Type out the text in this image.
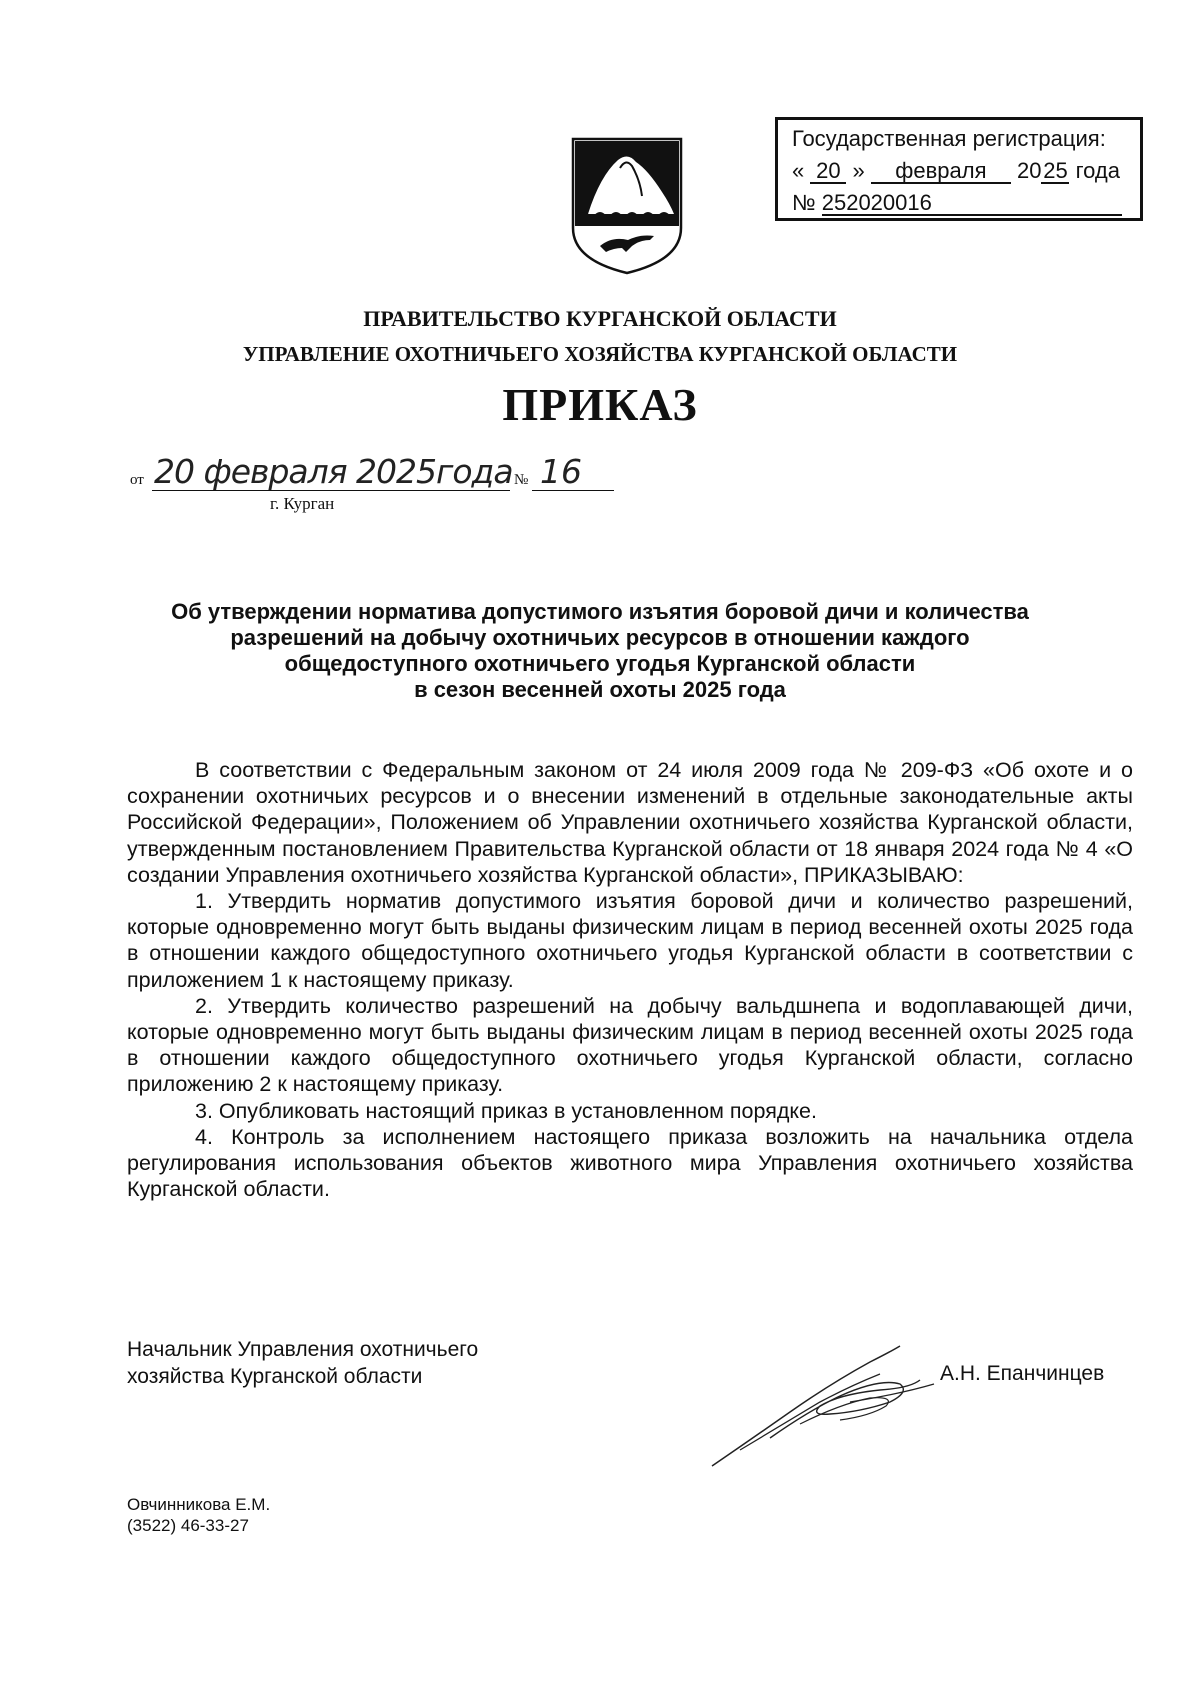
Государственная регистрация:
« 20 » февраля 2025 года
№ 252020016
ПРАВИТЕЛЬСТВО КУРГАНСКОЙ ОБЛАСТИ
УПРАВЛЕНИЕ ОХОТНИЧЬЕГО ХОЗЯЙСТВА КУРГАНСКОЙ ОБЛАСТИ
ПРИКАЗ
от 20 февраля 2025года № 16
г. Курган
Об утверждении норматива допустимого изъятия боровой дичи и количества
разрешений на добычу охотничьих ресурсов в отношении каждого
общедоступного охотничьего угодья Курганской области
в сезон весенней охоты 2025 года

В соответствии с Федеральным законом от 24 июля 2009 года № 209-ФЗ «Об охоте и о сохранении охотничьих ресурсов и о внесении изменений в отдельные законодательные акты Российской Федерации», Положением об Управлении охотничьего хозяйства Курганской области, утвержденным постановлением Правительства Курганской области от 18 января 2024 года № 4 «О создании Управления охотничьего хозяйства Курганской области», ПРИКАЗЫВАЮ:

1. Утвердить норматив допустимого изъятия боровой дичи и количество разрешений, которые одновременно могут быть выданы физическим лицам в период весенней охоты 2025 года в отношении каждого общедоступного охотничьего угодья Курганской области в соответствии с приложением 1 к настоящему приказу.

2. Утвердить количество разрешений на добычу вальдшнепа и водоплавающей дичи, которые одновременно могут быть выданы физическим лицам в период весенней охоты 2025 года в отношении каждого общедоступного охотничьего угодья Курганской области, согласно приложению 2 к настоящему приказу.

3. Опубликовать настоящий приказ в установленном порядке.

4. Контроль за исполнением настоящего приказа возложить на начальника отдела регулирования использования объектов животного мира Управления охотничьего хозяйства Курганской области.

Начальник Управления охотничьего
хозяйства Курганской области	А.Н. Епанчинцев
Овчинникова Е.М.
(3522) 46-33-27
